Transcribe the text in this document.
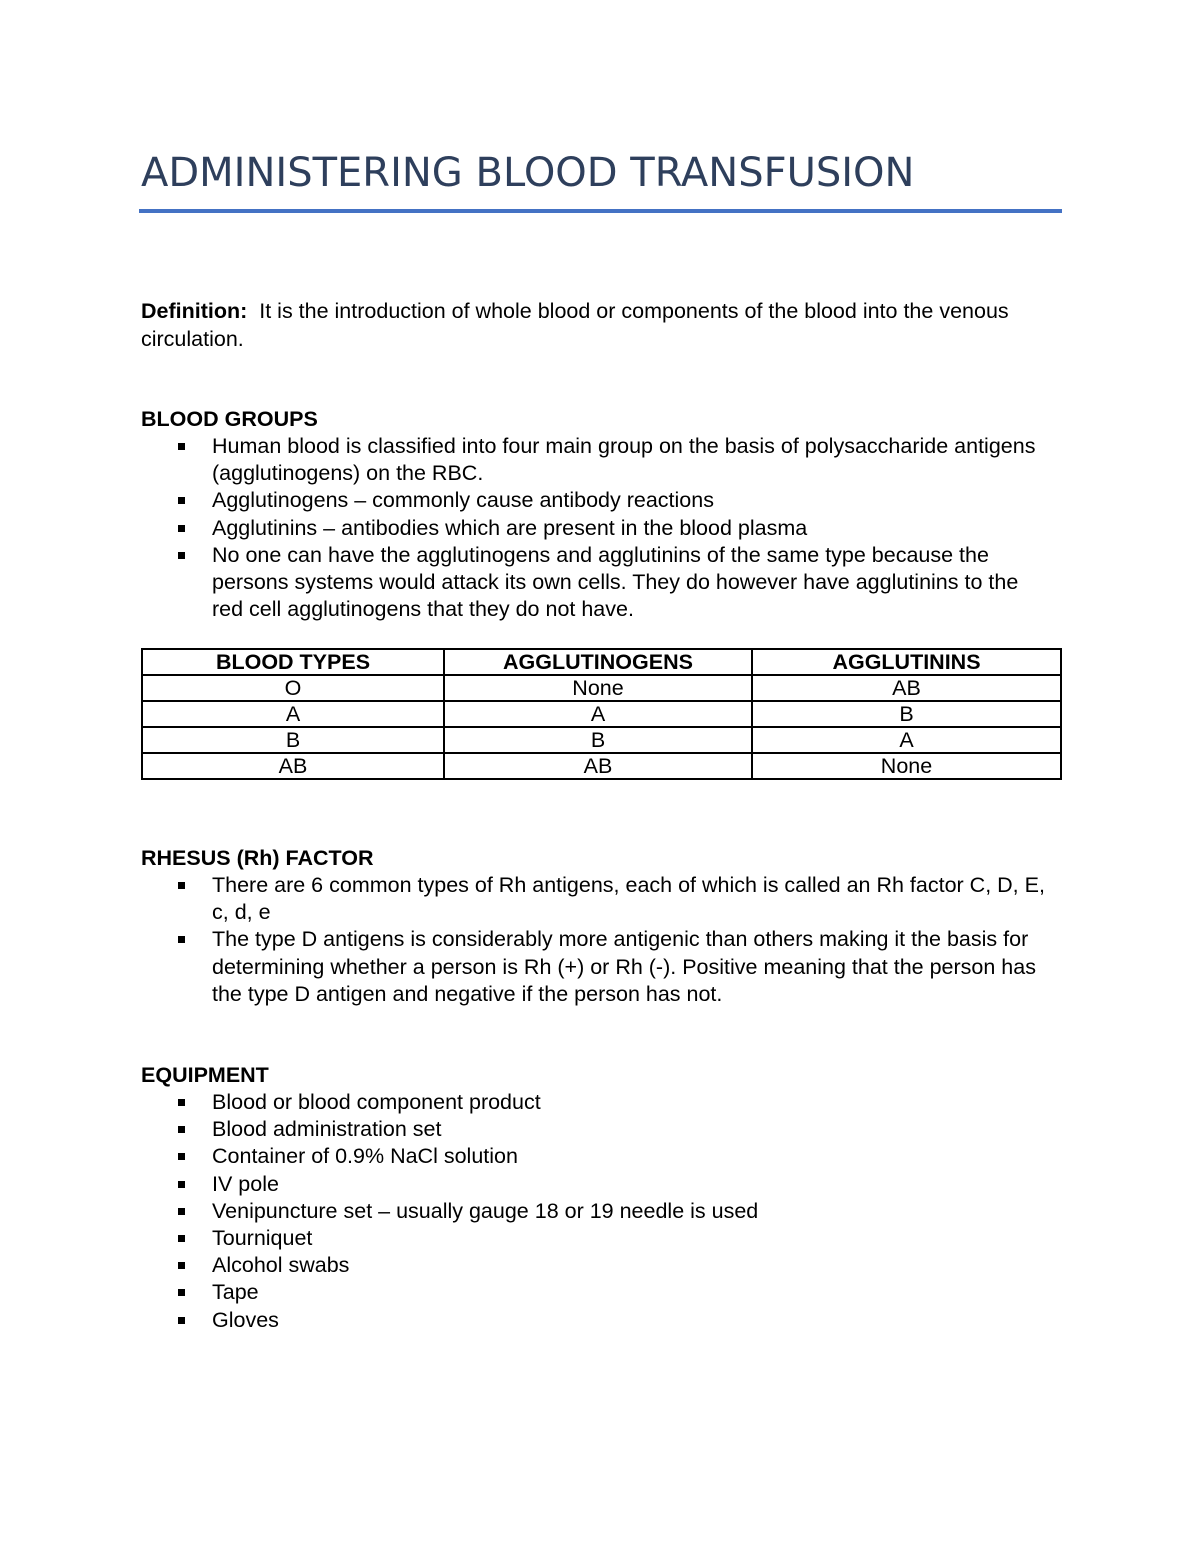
ADMINISTERING BLOOD TRANSFUSION

Definition: It is the introduction of whole blood or components of the blood into the venous circulation.

BLOOD GROUPS
Human blood is classified into four main group on the basis of polysaccharide antigens (agglutinogens) on the RBC.
Agglutinogens – commonly cause antibody reactions
Agglutinins – antibodies which are present in the blood plasma
No one can have the agglutinogens and agglutinins of the same type because the persons systems would attack its own cells. They do however have agglutinins to the red cell agglutinogens that they do not have.
BLOOD TYPES	AGGLUTINOGENS	AGGLUTININS
O	None	AB
A	A	B
B	B	A
AB	AB	None
RHESUS (Rh) FACTOR
There are 6 common types of Rh antigens, each of which is called an Rh factor C, D, E, c, d, e
The type D antigens is considerably more antigenic than others making it the basis for determining whether a person is Rh (+) or Rh (-). Positive meaning that the person has the type D antigen and negative if the person has not.
EQUIPMENT
Blood or blood component product
Blood administration set
Container of 0.9% NaCl solution
IV pole
Venipuncture set – usually gauge 18 or 19 needle is used
Tourniquet
Alcohol swabs
Tape
Gloves
